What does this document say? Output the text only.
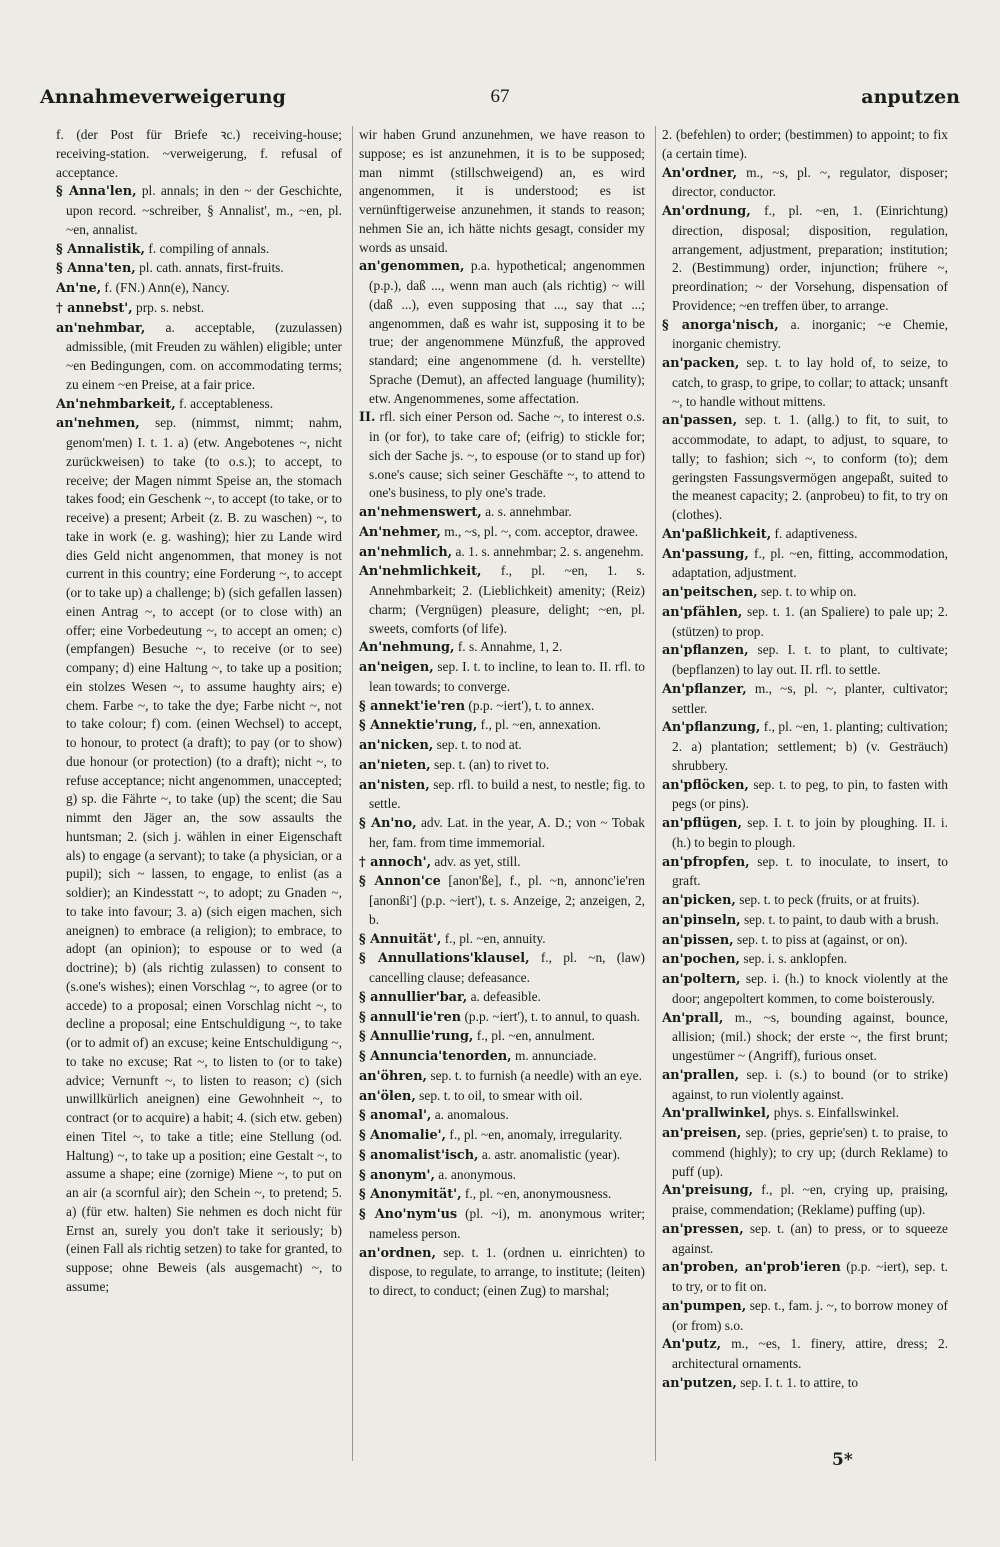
Annahmeverweigerung	67	anputzen

f. (der Post für Briefe ꝛc.) receiving-house; receiving-station. ~verweigerung, f. refusal of acceptance.

§ Anna'len, pl. annals; in den ~ der Geschichte, upon record. ~schreiber, § Annalist', m., ~en, pl. ~en, annalist.

§ Annalistik, f. compiling of annals.

§ Anna'ten, pl. cath. annats, first-fruits.

An'ne, f. (FN.) Ann(e), Nancy.

† annebst', prp. s. nebst.

an'nehmbar, a. acceptable, (zuzulassen) admissible, (mit Freuden zu wählen) eligible; unter ~en Bedingungen, com. on accommodating terms; zu einem ~en Preise, at a fair price.

An'nehmbarkeit, f. acceptableness.

an'nehmen, sep. (nimmst, nimmt; nahm, genom'men) I. t. 1. a) (etw. Angebotenes ~, nicht zurückweisen) to take (to o.s.); to accept, to receive; der Magen nimmt Speise an, the stomach takes food; ein Geschenk ~, to accept (to take, or to receive) a present; Arbeit (z. B. zu waschen) ~, to take in work (e. g. washing); hier zu Lande wird dies Geld nicht angenommen, that money is not current in this country; eine Forderung ~, to accept (or to take up) a challenge; b) (sich gefallen lassen) einen Antrag ~, to accept (or to close with) an offer; eine Vorbedeutung ~, to accept an omen; c) (empfangen) Besuche ~, to receive (or to see) company; d) eine Haltung ~, to take up a position; ein stolzes Wesen ~, to assume haughty airs; e) chem. Farbe ~, to take the dye; Farbe nicht ~, not to take colour; f) com. (einen Wechsel) to accept, to honour, to protect (a draft); to pay (or to show) due honour (or protection) (to a draft); nicht ~, to refuse acceptance; nicht angenommen, unaccepted; g) sp. die Fährte ~, to take (up) the scent; die Sau nimmt den Jäger an, the sow assaults the huntsman; 2. (sich j. wählen in einer Eigenschaft als) to engage (a servant); to take (a physician, or a pupil); sich ~ lassen, to engage, to enlist (as a soldier); an Kindesstatt ~, to adopt; zu Gnaden ~, to take into favour; 3. a) (sich eigen machen, sich aneignen) to embrace (a religion); to embrace, to adopt (an opinion); to espouse or to wed (a doctrine); b) (als richtig zulassen) to consent to (s.one's wishes); einen Vorschlag ~, to agree (or to accede) to a proposal; einen Vorschlag nicht ~, to decline a proposal; eine Entschuldigung ~, to take (or to admit of) an excuse; keine Entschuldigung ~, to take no excuse; Rat ~, to listen to (or to take) advice; Vernunft ~, to listen to reason; c) (sich unwillkürlich aneignen) eine Gewohnheit ~, to contract (or to acquire) a habit; 4. (sich etw. geben) einen Titel ~, to take a title; eine Stellung (od. Haltung) ~, to take up a position; eine Gestalt ~, to assume a shape; eine (zornige) Miene ~, to put on an air (a scornful air); den Schein ~, to pretend; 5. a) (für etw. halten) Sie nehmen es doch nicht für Ernst an, surely you don't take it seriously; b) (einen Fall als richtig setzen) to take for granted, to suppose; ohne Beweis (als ausgemacht) ~, to assume;

wir haben Grund anzunehmen, we have reason to suppose; es ist anzunehmen, it is to be supposed; man nimmt (stillschweigend) an, es wird angenommen, it is understood; es ist vernünftigerweise anzunehmen, it stands to reason; nehmen Sie an, ich hätte nichts gesagt, consider my words as unsaid.

an'genommen, p.a. hypothetical; angenommen (p.p.), daß ..., wenn man auch (als richtig) ~ will (daß ...), even supposing that ..., say that ...; angenommen, daß es wahr ist, supposing it to be true; der angenommene Münzfuß, the approved standard; eine angenommene (d. h. verstellte) Sprache (Demut), an affected language (humility); etw. Angenommenes, some affectation.

II. rfl. sich einer Person od. Sache ~, to interest o.s. in (or for), to take care of; (eifrig) to stickle for; sich der Sache js. ~, to espouse (or to stand up for) s.one's cause; sich seiner Geschäfte ~, to attend to one's business, to ply one's trade.

an'nehmenswert, a. s. annehmbar.

An'nehmer, m., ~s, pl. ~, com. acceptor, drawee.

an'nehmlich, a. 1. s. annehmbar; 2. s. angenehm.

An'nehmlichkeit, f., pl. ~en, 1. s. Annehmbarkeit; 2. (Lieblichkeit) amenity; (Reiz) charm; (Vergnügen) pleasure, delight; ~en, pl. sweets, comforts (of life).

An'nehmung, f. s. Annahme, 1, 2.

an'neigen, sep. I. t. to incline, to lean to. II. rfl. to lean towards; to converge.

§ annekt'ie'ren (p.p. ~iert'), t. to annex.

§ Annektie'rung, f., pl. ~en, annexation.

an'nicken, sep. t. to nod at.

an'nieten, sep. t. (an) to rivet to.

an'nisten, sep. rfl. to build a nest, to nestle; fig. to settle.

§ An'no, adv. Lat. in the year, A. D.; von ~ Tobak her, fam. from time immemorial.

† annoch', adv. as yet, still.

§ Annon'ce [anon'ße], f., pl. ~n, annonc'ie'ren [anonßi'] (p.p. ~iert'), t. s. Anzeige, 2; anzeigen, 2, b.

§ Annuität', f., pl. ~en, annuity.

§ Annullations'klausel, f., pl. ~n, (law) cancelling clause; defeasance.

§ annullier'bar, a. defeasible.

§ annull'ie'ren (p.p. ~iert'), t. to annul, to quash.

§ Annullie'rung, f., pl. ~en, annulment.

§ Annuncia'tenorden, m. annunciade.

an'öhren, sep. t. to furnish (a needle) with an eye.

an'ölen, sep. t. to oil, to smear with oil.

§ anomal', a. anomalous.

§ Anomalie', f., pl. ~en, anomaly, irregularity.

§ anomalist'isch, a. astr. anomalistic (year).

§ anonym', a. anonymous.

§ Anonymität', f., pl. ~en, anonymousness.

§ Ano'nym'us (pl. ~i), m. anonymous writer; nameless person.

an'ordnen, sep. t. 1. (ordnen u. einrichten) to dispose, to regulate, to arrange, to institute; (leiten) to direct, to conduct; (einen Zug) to marshal;

2. (befehlen) to order; (bestimmen) to appoint; to fix (a certain time).

An'ordner, m., ~s, pl. ~, regulator, disposer; director, conductor.

An'ordnung, f., pl. ~en, 1. (Einrichtung) direction, disposal; disposition, regulation, arrangement, adjustment, preparation; institution; 2. (Bestimmung) order, injunction; frühere ~, preordination; ~ der Vorsehung, dispensation of Providence; ~en treffen über, to arrange.

§ anorga'nisch, a. inorganic; ~e Chemie, inorganic chemistry.

an'packen, sep. t. to lay hold of, to seize, to catch, to grasp, to gripe, to collar; to attack; unsanft ~, to handle without mittens.

an'passen, sep. t. 1. (allg.) to fit, to suit, to accommodate, to adapt, to adjust, to square, to tally; to fashion; sich ~, to conform (to); dem geringsten Fassungsvermögen angepaßt, suited to the meanest capacity; 2. (anprobeu) to fit, to try on (clothes).

An'paßlichkeit, f. adaptiveness.

An'passung, f., pl. ~en, fitting, accommodation, adaptation, adjustment.

an'peitschen, sep. t. to whip on.

an'pfählen, sep. t. 1. (an Spaliere) to pale up; 2. (stützen) to prop.

an'pflanzen, sep. I. t. to plant, to cultivate; (bepflanzen) to lay out. II. rfl. to settle.

An'pflanzer, m., ~s, pl. ~, planter, cultivator; settler.

An'pflanzung, f., pl. ~en, 1. planting; cultivation; 2. a) plantation; settlement; b) (v. Gesträuch) shrubbery.

an'pflöcken, sep. t. to peg, to pin, to fasten with pegs (or pins).

an'pflügen, sep. I. t. to join by ploughing. II. i. (h.) to begin to plough.

an'pfropfen, sep. t. to inoculate, to insert, to graft.

an'picken, sep. t. to peck (fruits, or at fruits).

an'pinseln, sep. t. to paint, to daub with a brush.

an'pissen, sep. t. to piss at (against, or on).

an'pochen, sep. i. s. anklopfen.

an'poltern, sep. i. (h.) to knock violently at the door; angepoltert kommen, to come boisterously.

An'prall, m., ~s, bounding against, bounce, allision; (mil.) shock; der erste ~, the first brunt; ungestümer ~ (Angriff), furious onset.

an'prallen, sep. i. (s.) to bound (or to strike) against, to run violently against.

An'prallwinkel, phys. s. Einfallswinkel.

an'preisen, sep. (pries, geprie'sen) t. to praise, to commend (highly); to cry up; (durch Reklame) to puff (up).

An'preisung, f., pl. ~en, crying up, praising, praise, commendation; (Reklame) puffing (up).

an'pressen, sep. t. (an) to press, or to squeeze against.

an'proben, an'prob'ieren (p.p. ~iert), sep. t. to try, or to fit on.

an'pumpen, sep. t., fam. j. ~, to borrow money of (or from) s.o.

An'putz, m., ~es, 1. finery, attire, dress; 2. architectural ornaments.

an'putzen, sep. I. t. 1. to attire, to

5*
